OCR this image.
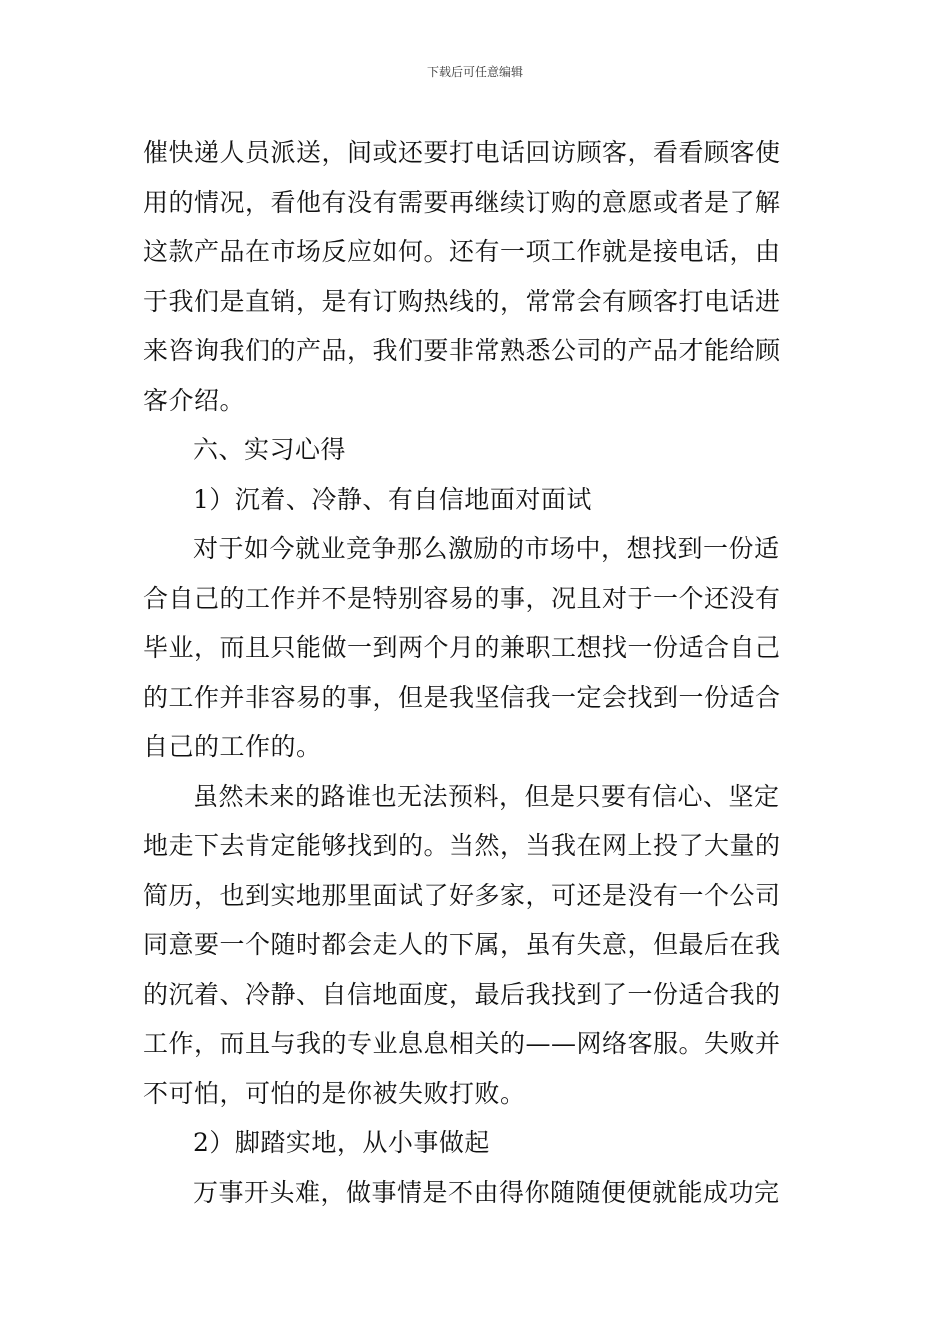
下载后可任意编辑
催快递人员派送，间或还要打电话回访顾客，看看顾客使
用的情况，看他有没有需要再继续订购的意愿或者是了解
这款产品在市场反应如何。还有一项工作就是接电话，由
于我们是直销，是有订购热线的，常常会有顾客打电话进
来咨询我们的产品，我们要非常熟悉公司的产品才能给顾
客介绍。
六、实习心得
1）沉着、冷静、有自信地面对面试
对于如今就业竞争那么激励的市场中，想找到一份适
合自己的工作并不是特别容易的事，况且对于一个还没有
毕业，而且只能做一到两个月的兼职工想找一份适合自己
的工作并非容易的事，但是我坚信我一定会找到一份适合
自己的工作的。
虽然未来的路谁也无法预料，但是只要有信心、坚定
地走下去肯定能够找到的。当然，当我在网上投了大量的
简历，也到实地那里面试了好多家，可还是没有一个公司
同意要一个随时都会走人的下属，虽有失意，但最后在我
的沉着、冷静、自信地面度，最后我找到了一份适合我的
工作，而且与我的专业息息相关的——网络客服。失败并
不可怕，可怕的是你被失败打败。
2）脚踏实地，从小事做起
万事开头难，做事情是不由得你随随便便就能成功完
